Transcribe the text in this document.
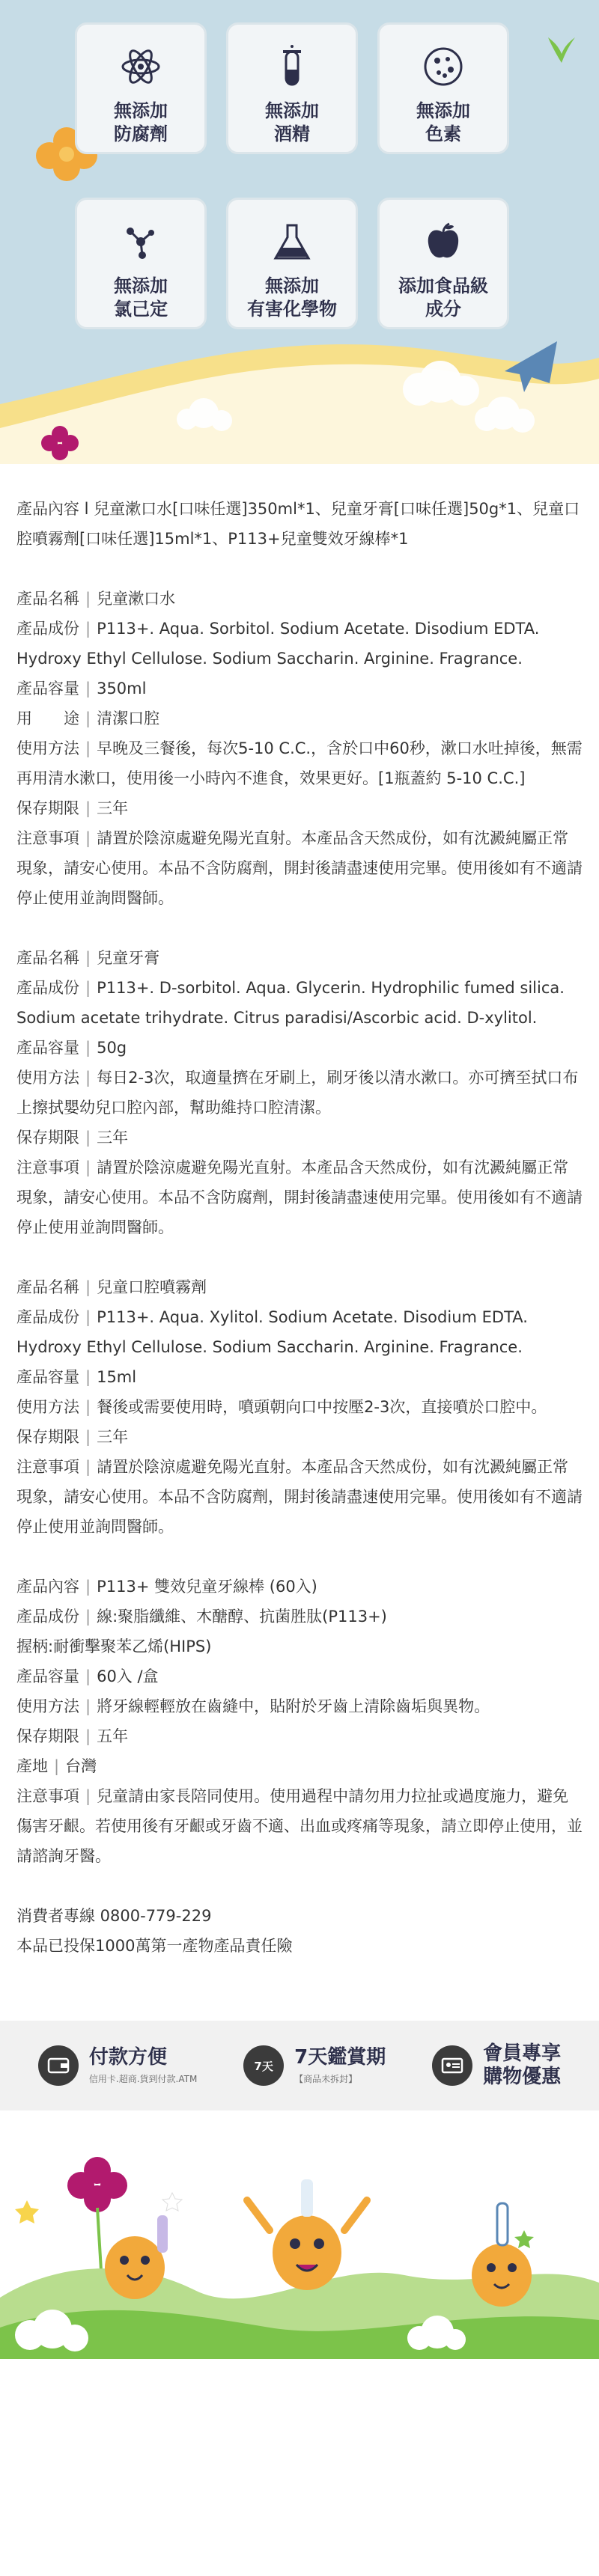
無添加
防腐劑
無添加
酒精
無添加
色素
無添加
氯己定
無添加
有害化學物
添加食品級
成分

產品內容 l 兒童漱口水[口味任選]350ml*1、兒童牙膏[口味任選]50g*1、兒童口腔噴霧劑[口味任選]15ml*1、P113+兒童雙效牙線棒*1

產品名稱 | 兒童漱口水
產品成份 | P113+. Aqua. Sorbitol. Sodium Acetate. Disodium EDTA. Hydroxy Ethyl Cellulose. Sodium Saccharin. Arginine. Fragrance.
產品容量 | 350ml
用　　途 | 清潔口腔
使用方法 | 早晚及三餐後，每次5-10 C.C.，含於口中60秒，漱口水吐掉後，無需再用清水漱口，使用後一小時內不進食，效果更好。[1瓶蓋約 5-10 C.C.]
保存期限 | 三年
注意事項 | 請置於陰涼處避免陽光直射。本產品含天然成份，如有沈澱純屬正常現象，請安心使用。本品不含防腐劑，開封後請盡速使用完畢。使用後如有不適請停止使用並詢問醫師。
產品名稱 | 兒童牙膏
產品成份 | P113+. D-sorbitol. Aqua. Glycerin. Hydrophilic fumed silica. Sodium acetate trihydrate. Citrus paradisi/Ascorbic acid. D-xylitol.
產品容量 | 50g
使用方法 | 每日2-3次，取適量擠在牙刷上，刷牙後以清水漱口。亦可擠至拭口布上擦拭嬰幼兒口腔內部，幫助維持口腔清潔。
保存期限 | 三年
注意事項 | 請置於陰涼處避免陽光直射。本產品含天然成份，如有沈澱純屬正常現象，請安心使用。本品不含防腐劑，開封後請盡速使用完畢。使用後如有不適請停止使用並詢問醫師。
產品名稱 | 兒童口腔噴霧劑
產品成份 | P113+. Aqua. Xylitol. Sodium Acetate. Disodium EDTA. Hydroxy Ethyl Cellulose. Sodium Saccharin. Arginine. Fragrance.
產品容量 | 15ml
使用方法 | 餐後或需要使用時，噴頭朝向口中按壓2-3次，直接噴於口腔中。
保存期限 | 三年
注意事項 | 請置於陰涼處避免陽光直射。本產品含天然成份，如有沈澱純屬正常現象，請安心使用。本品不含防腐劑，開封後請盡速使用完畢。使用後如有不適請停止使用並詢問醫師。
產品內容 | P113+ 雙效兒童牙線棒 (60入)
產品成份 | 線:聚脂纖維、木醣醇、抗菌胜肽(P113+)
握柄:耐衝擊聚苯乙烯(HIPS)
產品容量 | 60入 /盒
使用方法 | 將牙線輕輕放在齒縫中，貼附於牙齒上清除齒垢與異物。
保存期限 | 五年
產地 | 台灣
注意事項 | 兒童請由家長陪同使用。使用過程中請勿用力拉扯或過度施力，避免傷害牙齦。若使用後有牙齦或牙齒不適、出血或疼痛等現象，請立即停止使用，並請諮詢牙醫。

消費者專線 0800-779-229

本品已投保1000萬第一產物產品責任險

付款方便
信用卡.超商.貨到付款.ATM
7天	7天鑑賞期
【商品未拆封】
會員專享
購物優惠
